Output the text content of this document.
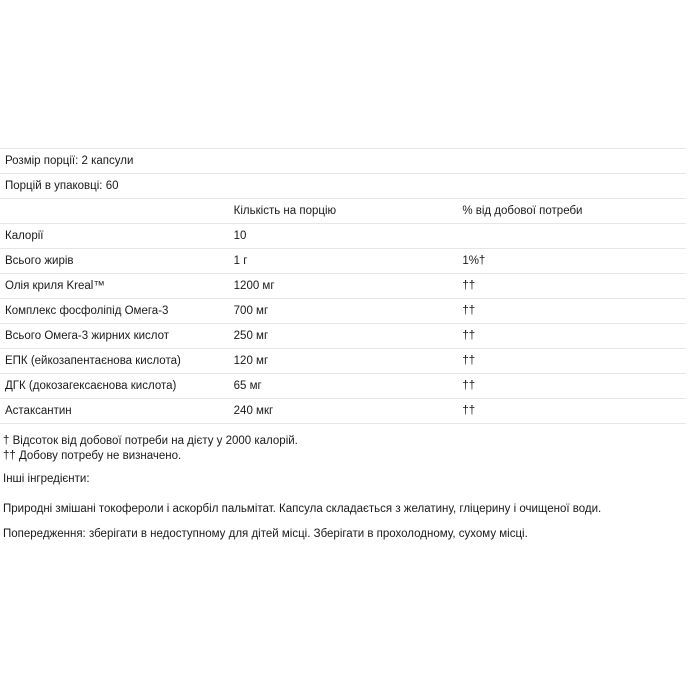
Розмір порції: 2 капсули		
Порцій в упаковці: 60		
	Кількість на порцію	% від добової потреби
Калорії	10	
Всього жирів	1 г	1%†
Олія криля Kreal™	1200 мг	††
Комплекс фосфоліпід Омега-3	700 мг	††
Всього Омега-3 жирних кислот	250 мг	††
ЕПК (ейкозапентаєнова кислота)	120 мг	††
ДГК (докозагексаєнова кислота)	65 мг	††
Астаксантин	240 мкг	††
† Відсоток від добової потреби на дієту у 2000 калорій.
†† Добову потребу не визначено.
Інші інгредієнти:
Природні змішані токофероли і аскорбіл пальмітат. Капсула складається з желатину, гліцерину і очищеної води.
Попередження: зберігати в недоступному для дітей місці. Зберігати в прохолодному, сухому місці.
